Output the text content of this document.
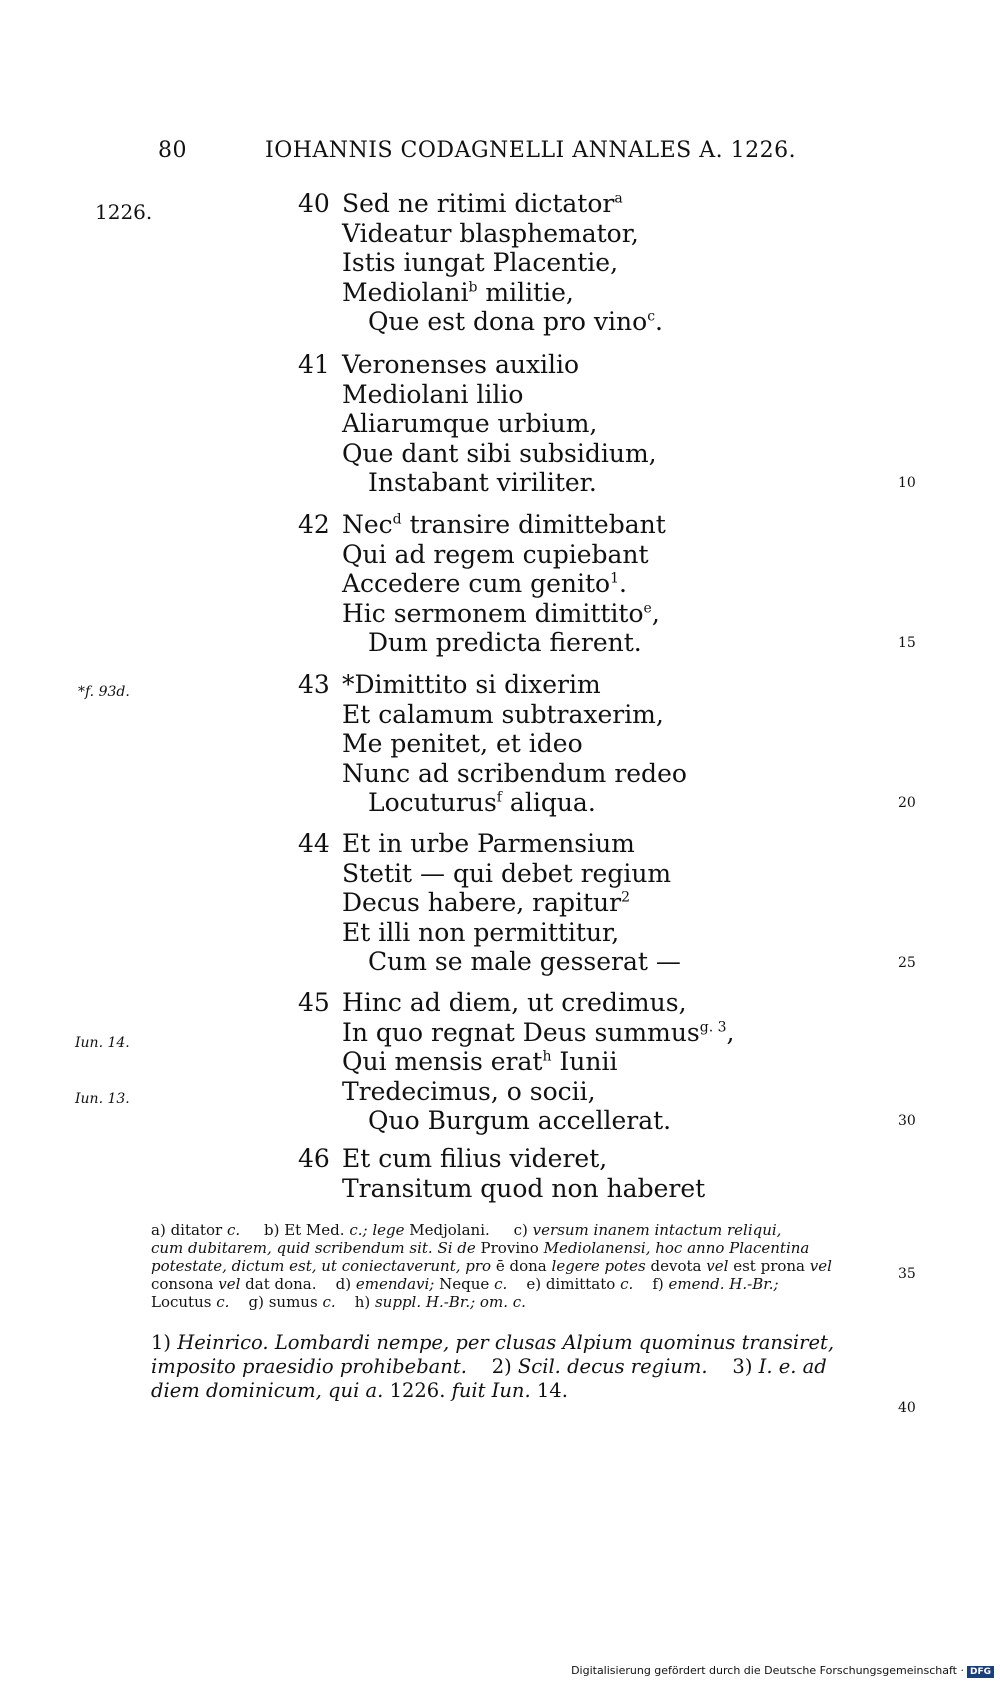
80	IOHANNIS CODAGNELLI ANNALES A. 1226.
1226.
*f. 93d.
Iun. 14.
Iun. 13.
10
15
20
25
30
35
40
40 Sed ne ritimi dictator$^a$
Videatur blasphemator,
Istis iungat Placentie,
Mediolani$^b$ militie,
Que est dona pro vino$^c$.
41 Veronenses auxilio
Mediolani lilio
Aliarumque urbium,
Que dant sibi subsidium,
Instabant viriliter.
42 Nec$^d$ transire dimittebant
Qui ad regem cupiebant
Accedere cum genito$^1$.
Hic sermonem dimittito$^e$,
Dum predicta fierent.
43 *Dimittito si dixerim
Et calamum subtraxerim,
Me penitet, et ideo
Nunc ad scribendum redeo
Locuturus$^f$ aliqua.
44 Et in urbe Parmensium
Stetit — qui debet regium
Decus habere, rapitur$^2$
Et illi non permittitur,
Cum se male gesserat —
45 Hinc ad diem, ut credimus,
In quo regnat Deus summus$^{g. 3}$,
Qui mensis erat$^h$ Iunii
Tredecimus, o socii,
Quo Burgum accellerat.
46 Et cum filius videret,
Transitum quod non haberet
a) ditator c. b) Et Med. c.; lege Medjolani. c) versum inanem intactum reliqui,
cum dubitarem, quid scribendum sit. Si de Provino Mediolanensi, hoc anno Placentina
potestate, dictum est, ut coniectaverunt, pro ē dona legere potes devota vel est prona vel
consona vel dat dona. d) emendavi; Neque c. e) dimittato c. f) emend. H.-Br.;
Locutus c. g) sumus c. h) suppl. H.-Br.; om. c.
1) Heinrico. Lombardi nempe, per clusas Alpium quominus transiret,
imposito praesidio prohibebant. 2) Scil. decus regium. 3) I. e. ad
diem dominicum, qui a. 1226. fuit Iun. 14.
Digitalisierung gefördert durch die Deutsche Forschungsgemeinschaft · DFG
